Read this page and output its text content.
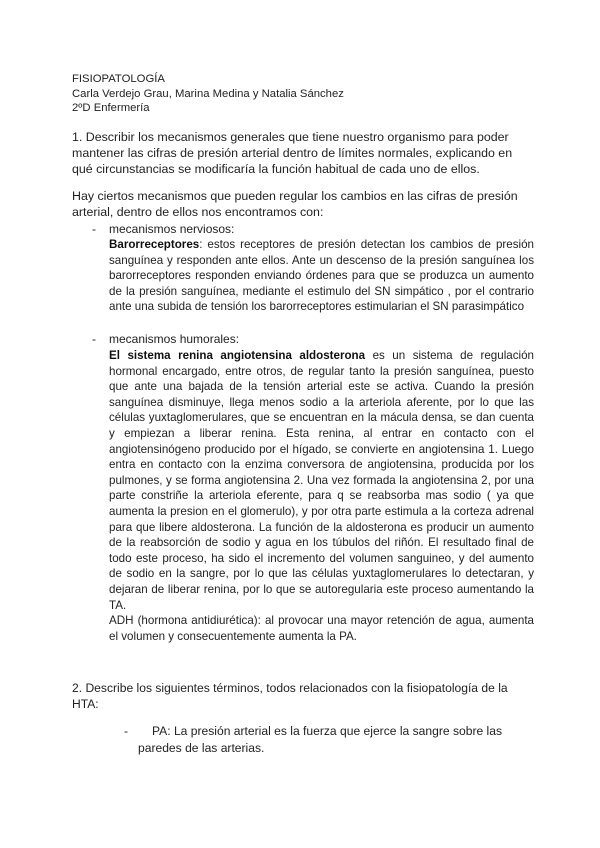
FISIOPATOLOGÍA
Carla Verdejo Grau, Marina Medina y Natalia Sánchez
2ºD Enfermería
1. Describir los mecanismos generales que tiene nuestro organismo para poder mantener las cifras de presión arterial dentro de límites normales, explicando en qué circunstancias se modificaría la función habitual de cada uno de ellos.
Hay ciertos mecanismos que pueden regular los cambios en las cifras de presión arterial, dentro de ellos nos encontramos con:
- mecanismos nerviosos:
Barorreceptores: estos receptores de presión detectan los cambios de presión sanguínea y responden ante ellos. Ante un descenso de la presión sanguínea los barorreceptores responden enviando órdenes para que se produzca un aumento de la presión sanguínea, mediante el estimulo del SN simpático , por el contrario ante una subida de tensión los barorreceptores estimularian el SN parasimpático
- mecanismos humorales:
El sistema renina angiotensina aldosterona es un sistema de regulación hormonal encargado, entre otros, de regular tanto la presión sanguínea, puesto que ante una bajada de la tensión arterial este se activa. Cuando la presión sanguínea disminuye, llega menos sodio a la arteriola aferente, por lo que las células yuxtaglomerulares, que se encuentran en la mácula densa, se dan cuenta y empiezan a liberar renina. Esta renina, al entrar en contacto con el angiotensinógeno producido por el hígado, se convierte en angiotensina 1. Luego entra en contacto con la enzima conversora de angiotensina, producida por los pulmones, y se forma angiotensina 2. Una vez formada la angiotensina 2, por una parte constriñe la arteriola eferente, para q se reabsorba mas sodio ( ya que aumenta la presion en el glomerulo), y por otra parte estimula a la corteza adrenal para que libere aldosterona. La función de la aldosterona es producir un aumento de la reabsorción de sodio y agua en los túbulos del riñón. El resultado final de todo este proceso, ha sido el incremento del volumen sanguineo, y del aumento de sodio en la sangre, por lo que las células yuxtaglomerulares lo detectaran, y dejaran de liberar renina, por lo que se autoregularia este proceso aumentando la TA.
ADH (hormona antidiurética): al provocar una mayor retención de agua, aumenta el volumen y consecuentemente aumenta la PA.
2. Describe los siguientes términos, todos relacionados con la fisiopatología de la HTA:
- PA: La presión arterial es la fuerza que ejerce la sangre sobre las
paredes de las arterias.
